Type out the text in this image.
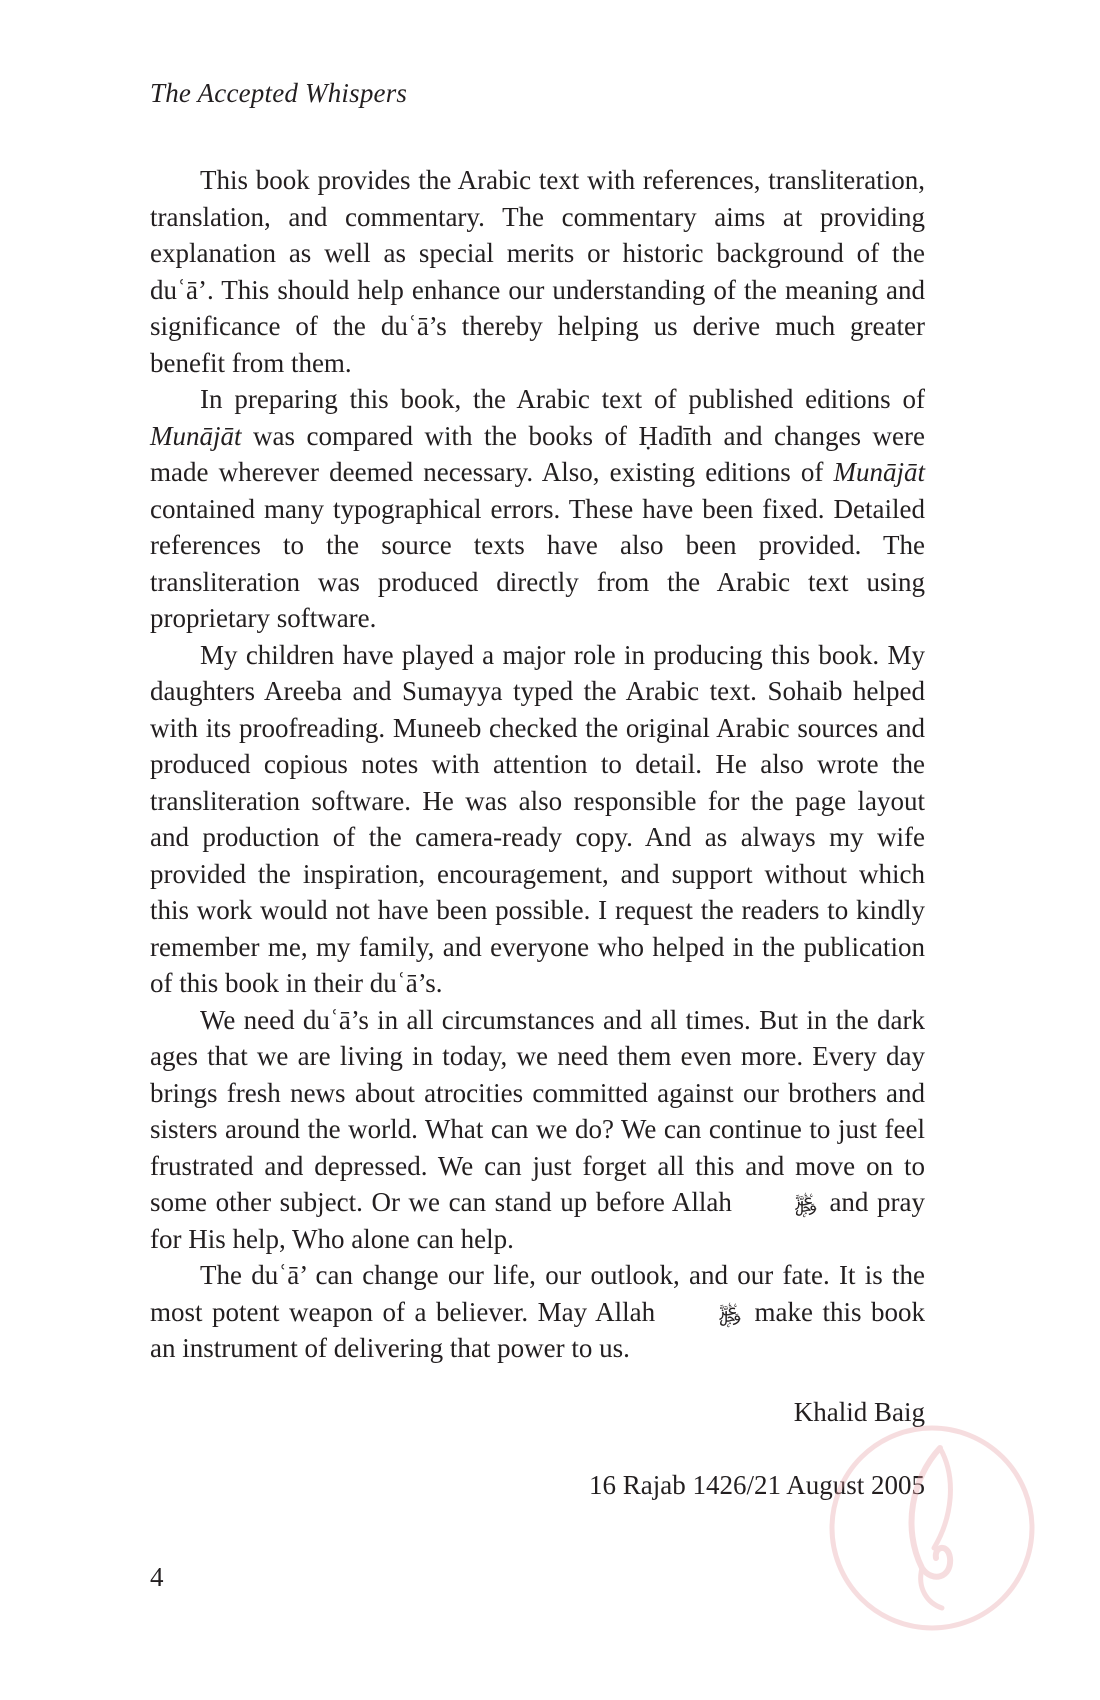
The Accepted Whispers

This book provides the Arabic text with references, transliteration, translation, and commentary. The commentary aims at providing explanation as well as special merits or historic background of the duʿā’. This should help enhance our understanding of the meaning and significance of the duʿā’s thereby helping us derive much greater benefit from them.

In preparing this book, the Arabic text of published editions of Munājāt was compared with the books of Ḥadīth and changes were made wherever deemed necessary. Also, existing editions of Munājāt contained many typographical errors. These have been fixed. Detailed references to the source texts have also been provided. The transliteration was produced directly from the Arabic text using proprietary software.

My children have played a major role in producing this book. My daughters Areeba and Sumayya typed the Arabic text. Sohaib helped with its proofreading. Muneeb checked the original Arabic sources and produced copious notes with attention to detail. He also wrote the transliteration software. He was also responsible for the page layout and production of the camera-ready copy. And as always my wife provided the inspiration, encouragement, and support without which this work would not have been possible. I request the readers to kindly remember me, my family, and everyone who helped in the publication of this book in their duʿā’s.

We need duʿā’s in all circumstances and all times. But in the dark ages that we are living in today, we need them even more. Every day brings fresh news about atrocities committed against our brothers and sisters around the world. What can we do? We can continue to just feel frustrated and depressed. We can just forget all this and move on to some other subject. Or we can stand up before Allah	﷿ and pray for His help, Who alone can help.

The duʿā’ can change our life, our outlook, and our fate. It is the most potent weapon of a believer. May Allah	﷿ make this book an instrument of delivering that power to us.

Khalid Baig
16 Rajab 1426/21 August 2005
4
